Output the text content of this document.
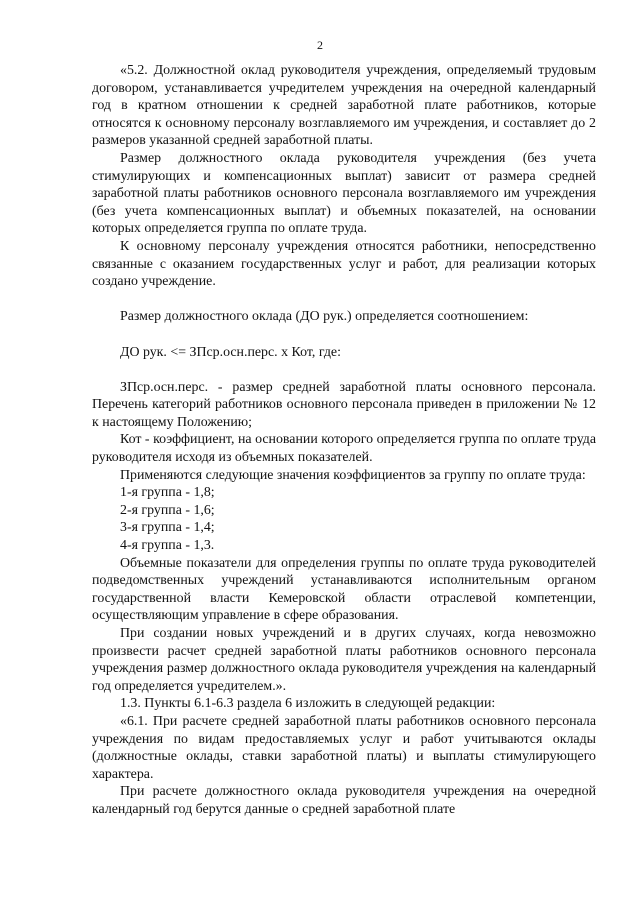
2

«5.2. Должностной оклад руководителя учреждения, определяемый трудовым договором, устанавливается учредителем учреждения на очередной календарный год в кратном отношении к средней заработной плате работников, которые относятся к основному персоналу возглавляемого им учреждения, и составляет до 2 размеров указанной средней заработной платы.

Размер должностного оклада руководителя учреждения (без учета стимулирующих и компенсационных выплат) зависит от размера средней заработной платы работников основного персонала возглавляемого им учреждения (без учета компенсационных выплат) и объемных показателей, на основании которых определяется группа по оплате труда.

К основному персоналу учреждения относятся работники, непосредственно связанные с оказанием государственных услуг и работ, для реализации которых создано учреждение.

Размер должностного оклада (ДО рук.) определяется соотношением:

ДО рук. <= ЗПср.осн.перс. х Кот, где:

ЗПср.осн.перс. - размер средней заработной платы основного персонала. Перечень категорий работников основного персонала приведен в приложении № 12 к настоящему Положению;

Кот - коэффициент, на основании которого определяется группа по оплате труда руководителя исходя из объемных показателей.

Применяются следующие значения коэффициентов за группу по оплате труда:

1-я группа - 1,8;

2-я группа - 1,6;

3-я группа - 1,4;

4-я группа - 1,3.

Объемные показатели для определения группы по оплате труда руководителей подведомственных учреждений устанавливаются исполнительным органом государственной власти Кемеровской области отраслевой компетенции, осуществляющим управление в сфере образования.

При создании новых учреждений и в других случаях, когда невозможно произвести расчет средней заработной платы работников основного персонала учреждения размер должностного оклада руководителя учреждения на календарный год определяется учредителем.».

1.3. Пункты 6.1-6.3 раздела 6 изложить в следующей редакции:

«6.1. При расчете средней заработной платы работников основного персонала учреждения по видам предоставляемых услуг и работ учитываются оклады (должностные оклады, ставки заработной платы) и выплаты стимулирующего характера.

При расчете должностного оклада руководителя учреждения на очередной календарный год берутся данные о средней заработной плате
